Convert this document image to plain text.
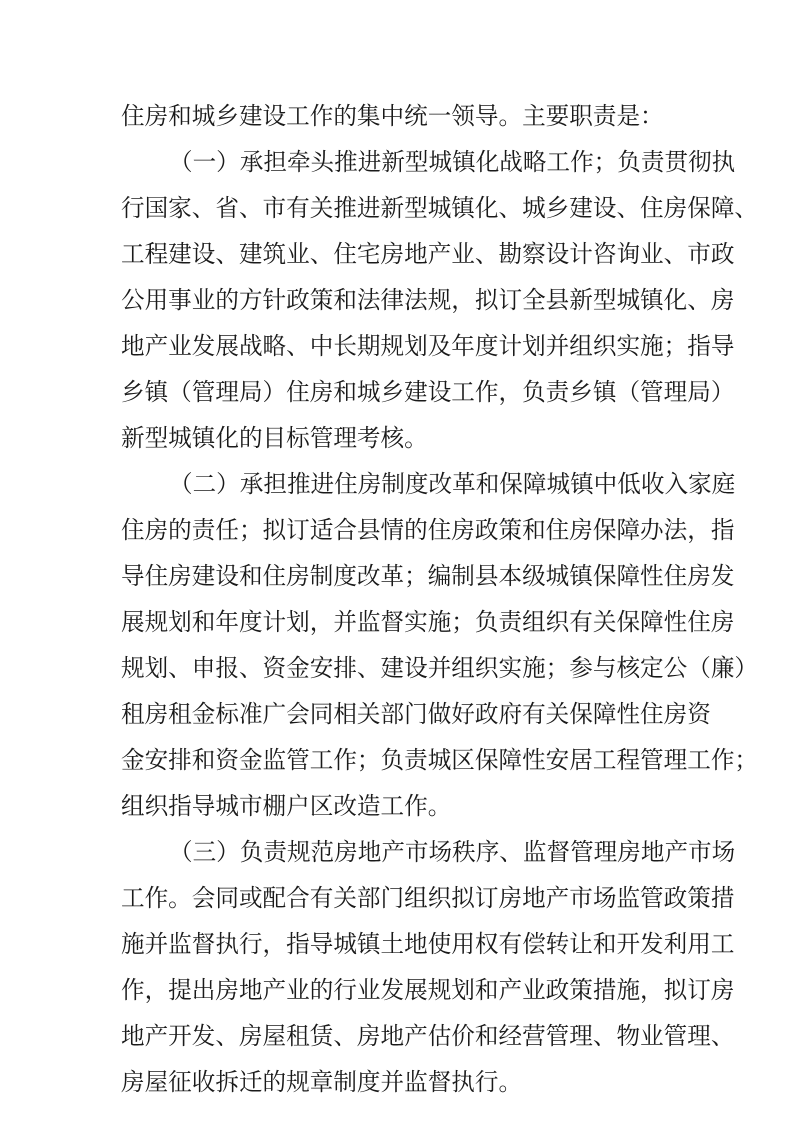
住房和城乡建设工作的集中统一领导。主要职责是：
（一）承担牵头推进新型城镇化战略工作；负责贯彻执
行国家、省、市有关推进新型城镇化、城乡建设、住房保障、
工程建设、建筑业、住宅房地产业、勘察设计咨询业、市政
公用事业的方针政策和法律法规，拟订全县新型城镇化、房
地产业发展战略、中长期规划及年度计划并组织实施；指导
乡镇（管理局）住房和城乡建设工作，负责乡镇（管理局）
新型城镇化的目标管理考核。
（二）承担推进住房制度改革和保障城镇中低收入家庭
住房的责任；拟订适合县情的住房政策和住房保障办法，指
导住房建设和住房制度改革；编制县本级城镇保障性住房发
展规划和年度计划，并监督实施；负责组织有关保障性住房
规划、申报、资金安排、建设并组织实施；参与核定公（廉）
租房租金标准广会同相关部门做好政府有关保障性住房资
金安排和资金监管工作；负责城区保障性安居工程管理工作；
组织指导城市棚户区改造工作。
（三）负责规范房地产市场秩序、监督管理房地产市场
工作。会同或配合有关部门组织拟订房地产市场监管政策措
施并监督执行，指导城镇土地使用权有偿转让和开发利用工
作，提出房地产业的行业发展规划和产业政策措施，拟订房
地产开发、房屋租赁、房地产估价和经营管理、物业管理、
房屋征收拆迁的规章制度并监督执行。
